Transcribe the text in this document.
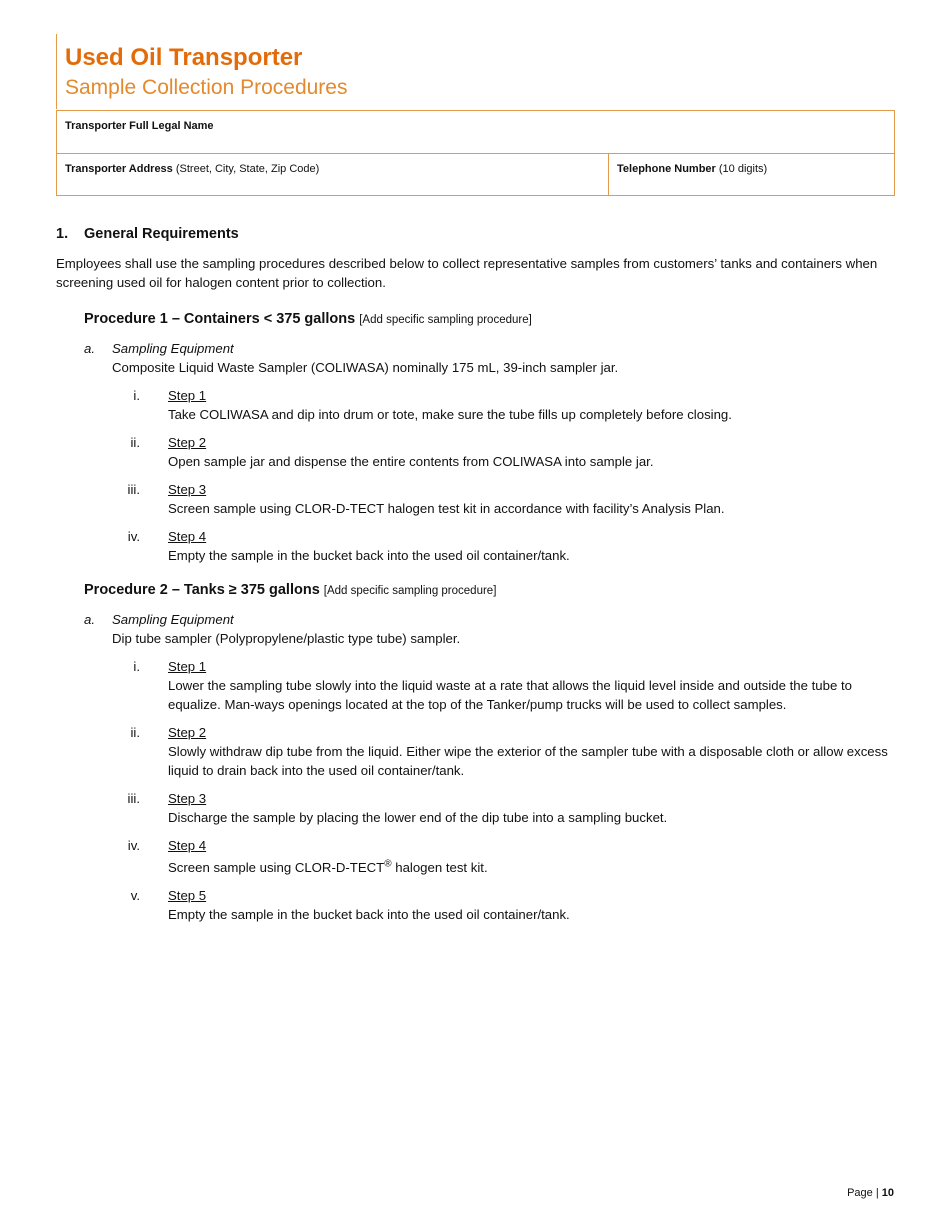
Used Oil Transporter
Sample Collection Procedures
Transporter Full Legal Name
Transporter Address (Street, City, State, Zip Code)	Telephone Number (10 digits)
1. General Requirements

Employees shall use the sampling procedures described below to collect representative samples from customers’ tanks and containers when screening used oil for halogen content prior to collection.

Procedure 1 – Containers < 375 gallons [Add specific sampling procedure]
a. Sampling Equipment
Composite Liquid Waste Sampler (COLIWASA) nominally 175 mL, 39-inch sampler jar.
i. Step 1
Take COLIWASA and dip into drum or tote, make sure the tube fills up completely before closing.
ii. Step 2
Open sample jar and dispense the entire contents from COLIWASA into sample jar.
iii. Step 3
Screen sample using CLOR-D-TECT halogen test kit in accordance with facility’s Analysis Plan.
iv. Step 4
Empty the sample in the bucket back into the used oil container/tank.
Procedure 2 – Tanks ≥ 375 gallons [Add specific sampling procedure]
a. Sampling Equipment
Dip tube sampler (Polypropylene/plastic type tube) sampler.
i. Step 1
Lower the sampling tube slowly into the liquid waste at a rate that allows the liquid level inside and outside the tube to equalize. Man-ways openings located at the top of the Tanker/pump trucks will be used to collect samples.
ii. Step 2
Slowly withdraw dip tube from the liquid. Either wipe the exterior of the sampler tube with a disposable cloth or allow excess liquid to drain back into the used oil container/tank.
iii. Step 3
Discharge the sample by placing the lower end of the dip tube into a sampling bucket.
iv. Step 4
Screen sample using CLOR-D-TECT® halogen test kit.
v. Step 5
Empty the sample in the bucket back into the used oil container/tank.
Page | 10
